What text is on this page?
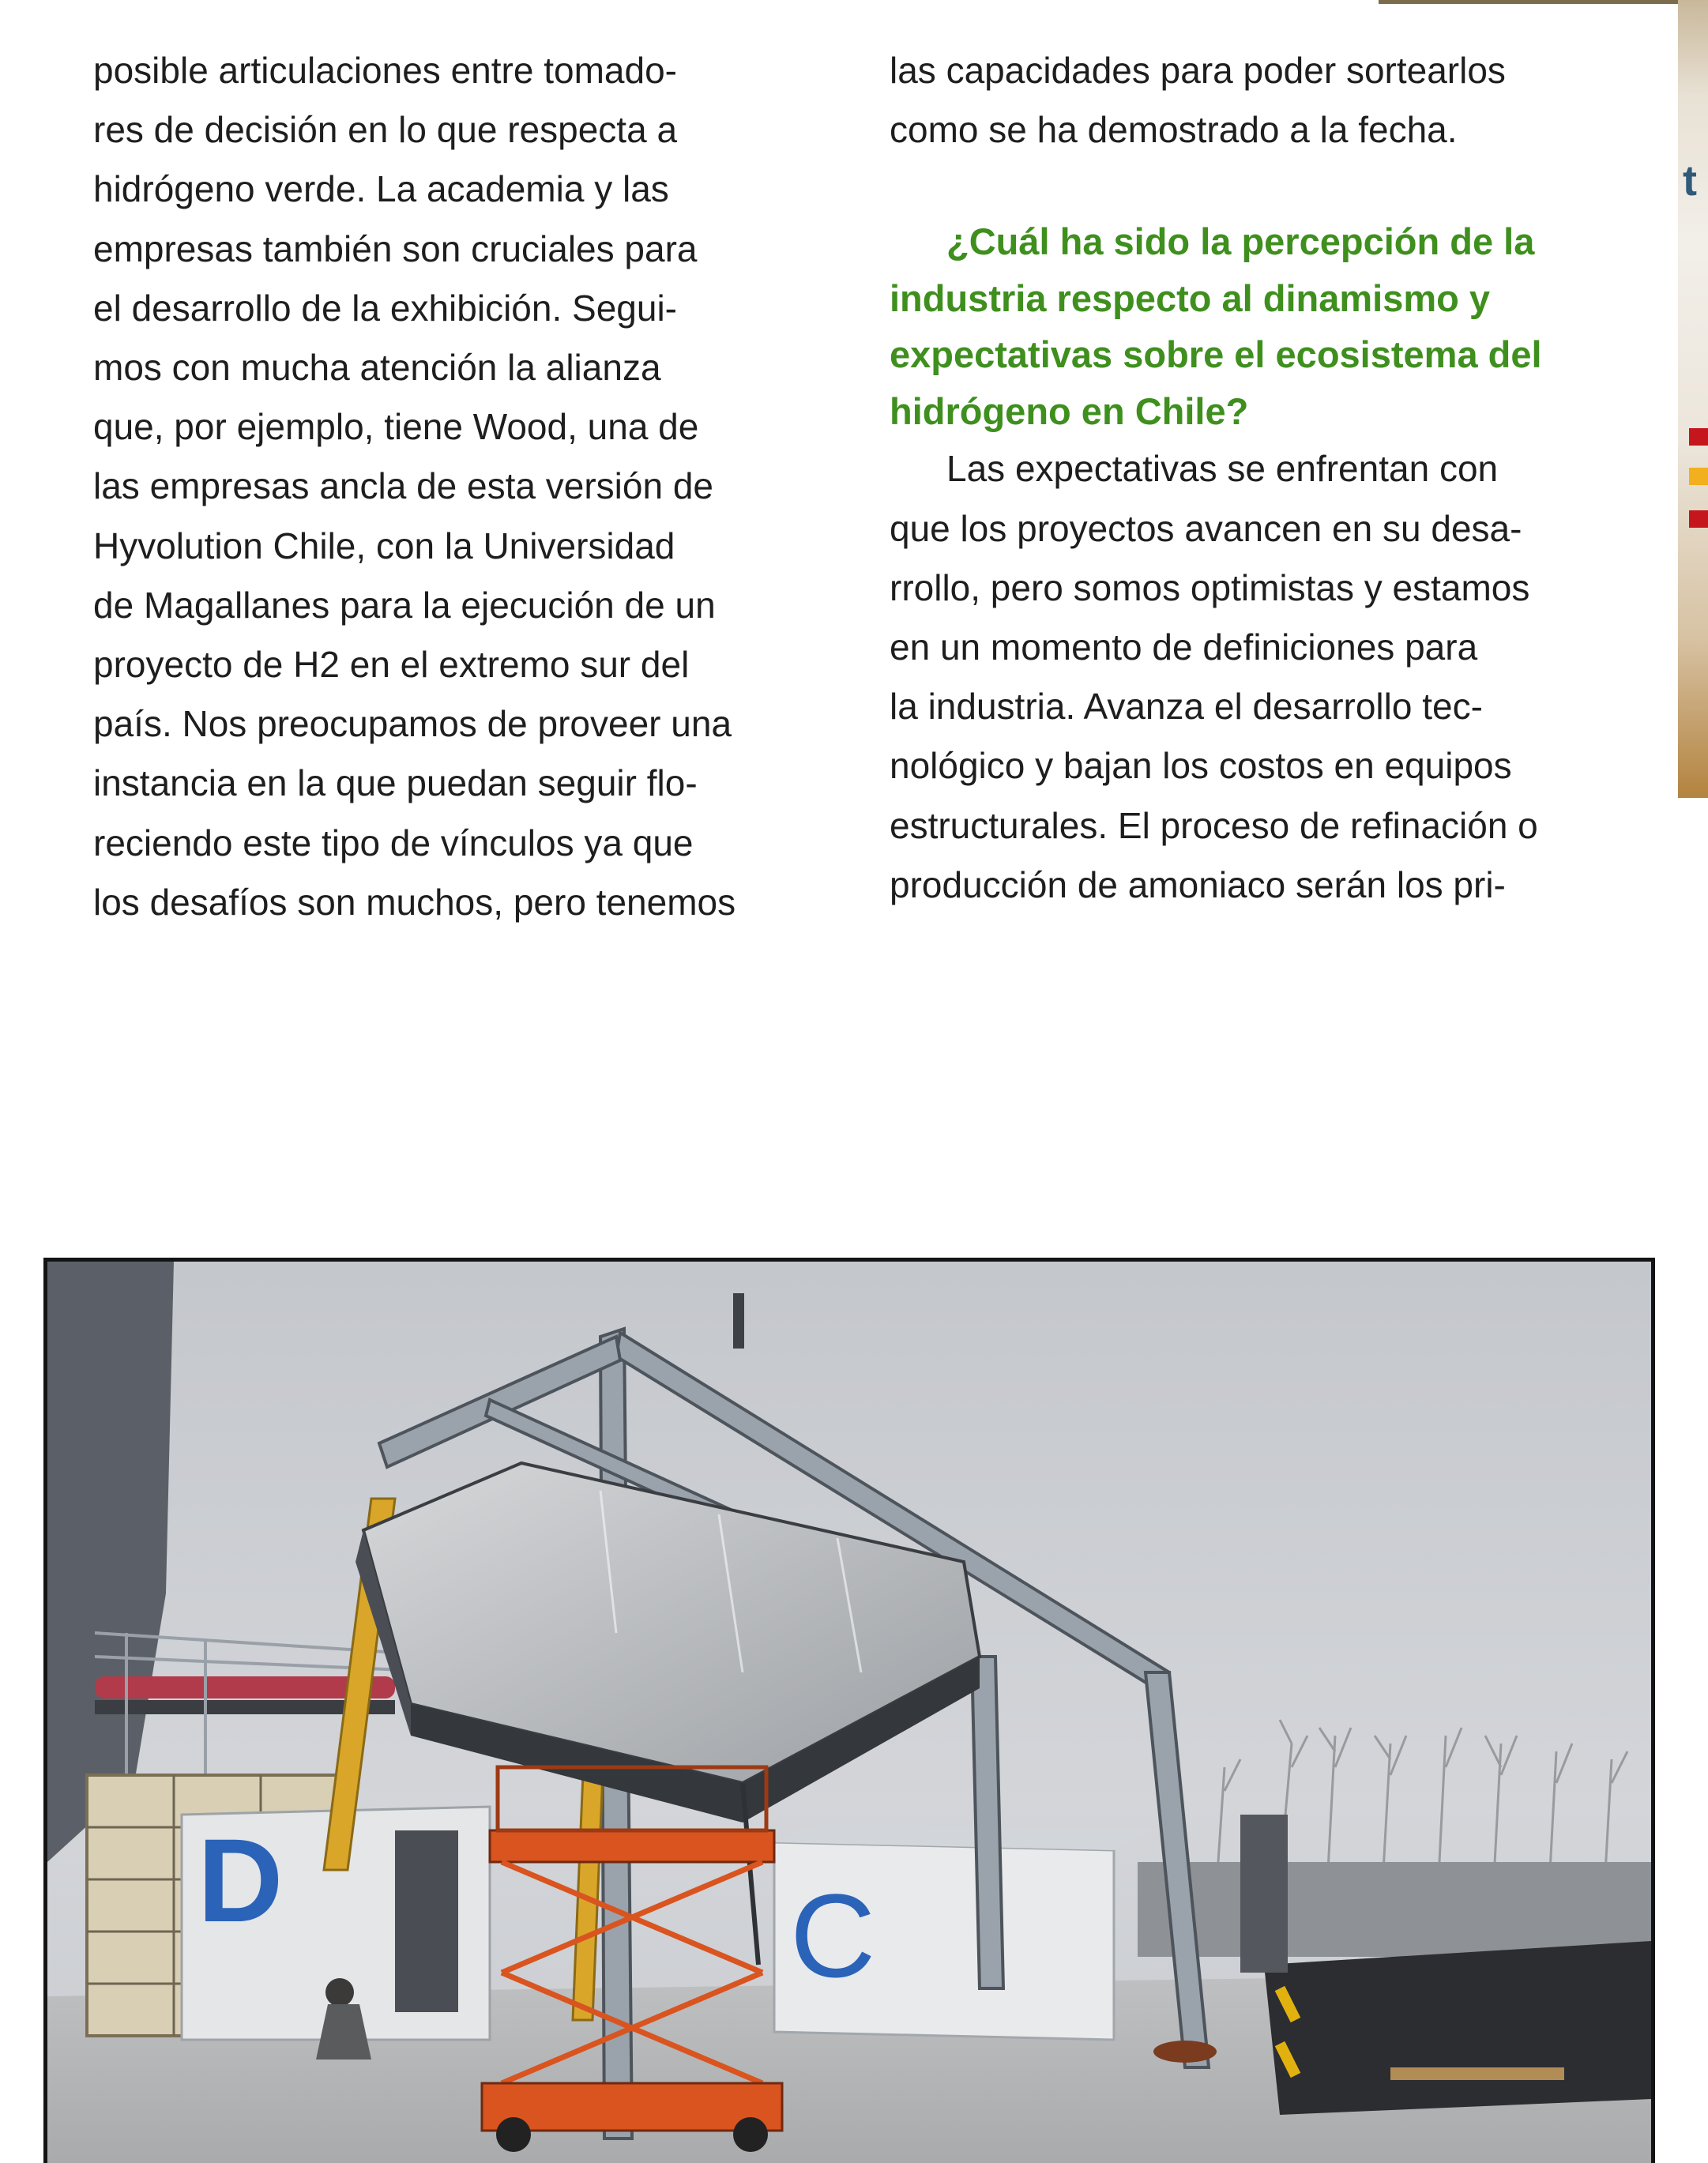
posible articulaciones entre tomado-
res de decisión en lo que respecta a
hidrógeno verde. La academia y las
empresas también son cruciales para
el desarrollo de la exhibición. Segui-
mos con mucha atención la alianza
que, por ejemplo, tiene Wood, una de
las empresas ancla de esta versión de
Hyvolution Chile, con la Universidad
de Magallanes para la ejecución de un
proyecto de H2 en el extremo sur del
país. Nos preocupamos de proveer una
instancia en la que puedan seguir flo-
reciendo este tipo de vínculos ya que
los desafíos son muchos, pero tenemos
las capacidades para poder sortearlos
como se ha demostrado a la fecha.
¿Cuál ha sido la percepción de la
industria respecto al dinamismo y
expectativas sobre el ecosistema del
hidrógeno en Chile?
Las expectativas se enfrentan con
que los proyectos avancen en su desa-
rrollo, pero somos optimistas y estamos
en un momento de definiciones para
la industria. Avanza el desarrollo tec-
nológico y bajan los costos en equipos
estructurales. El proceso de refinación o
producción de amoniaco serán los pri-
t
D	C
